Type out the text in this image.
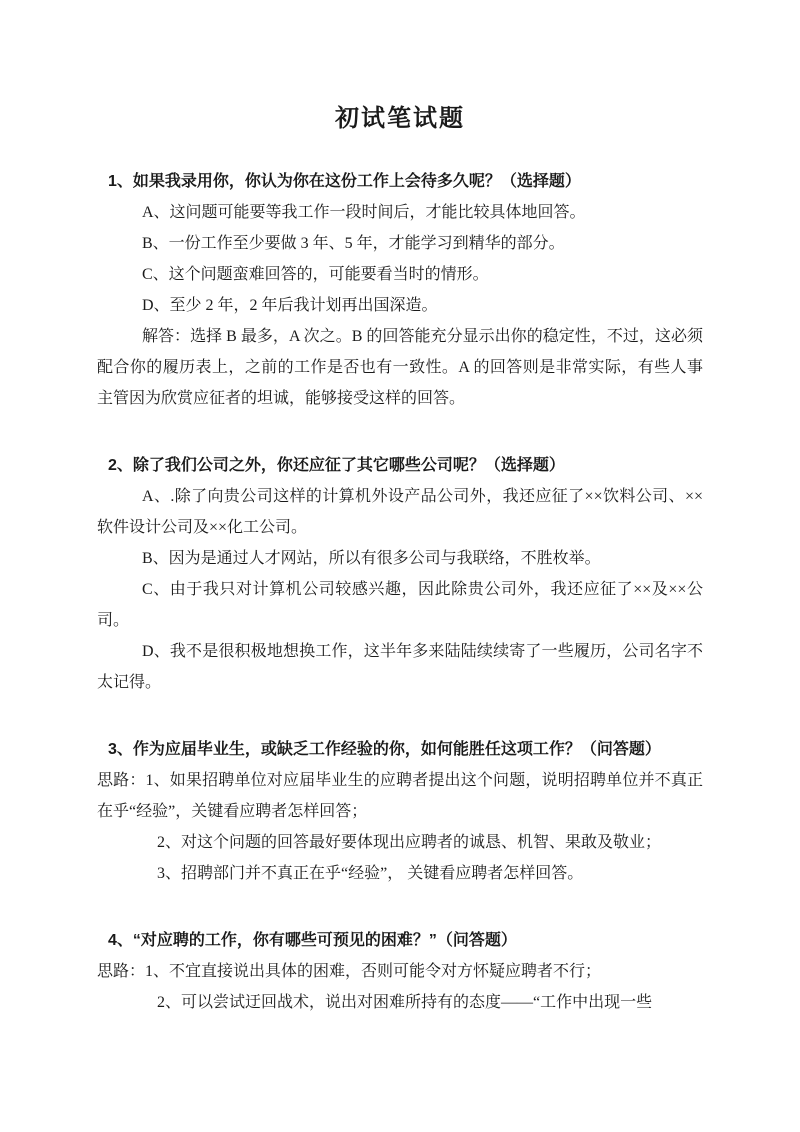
初试笔试题

1、如果我录用你，你认为你在这份工作上会待多久呢？（选择题）

A、这问题可能要等我工作一段时间后，才能比较具体地回答。

B、一份工作至少要做 3 年、5 年，才能学习到精华的部分。

C、这个问题蛮难回答的，可能要看当时的情形。

D、至少 2 年，2 年后我计划再出国深造。

解答：选择 B 最多，A 次之。B 的回答能充分显示出你的稳定性，不过，这必须配合你的履历表上，之前的工作是否也有一致性。A 的回答则是非常实际，有些人事主管因为欣赏应征者的坦诚，能够接受这样的回答。

2、除了我们公司之外，你还应征了其它哪些公司呢？（选择题）

A、.除了向贵公司这样的计算机外设产品公司外，我还应征了××饮料公司、××软件设计公司及××化工公司。

B、因为是通过人才网站，所以有很多公司与我联络，不胜枚举。

C、由于我只对计算机公司较感兴趣，因此除贵公司外，我还应征了××及××公司。

D、我不是很积极地想换工作，这半年多来陆陆续续寄了一些履历，公司名字不太记得。

3、作为应届毕业生，或缺乏工作经验的你，如何能胜任这项工作？（问答题）

思路：1、如果招聘单位对应届毕业生的应聘者提出这个问题，说明招聘单位并不真正在乎“经验”，关键看应聘者怎样回答；

2、对这个问题的回答最好要体现出应聘者的诚恳、机智、果敢及敬业；

3、招聘部门并不真正在乎“经验”， 关键看应聘者怎样回答。

4、“对应聘的工作，你有哪些可预见的困难？”（问答题）

思路：1、不宜直接说出具体的困难，否则可能令对方怀疑应聘者不行；

2、可以尝试迂回战术，说出对困难所持有的态度——“工作中出现一些
